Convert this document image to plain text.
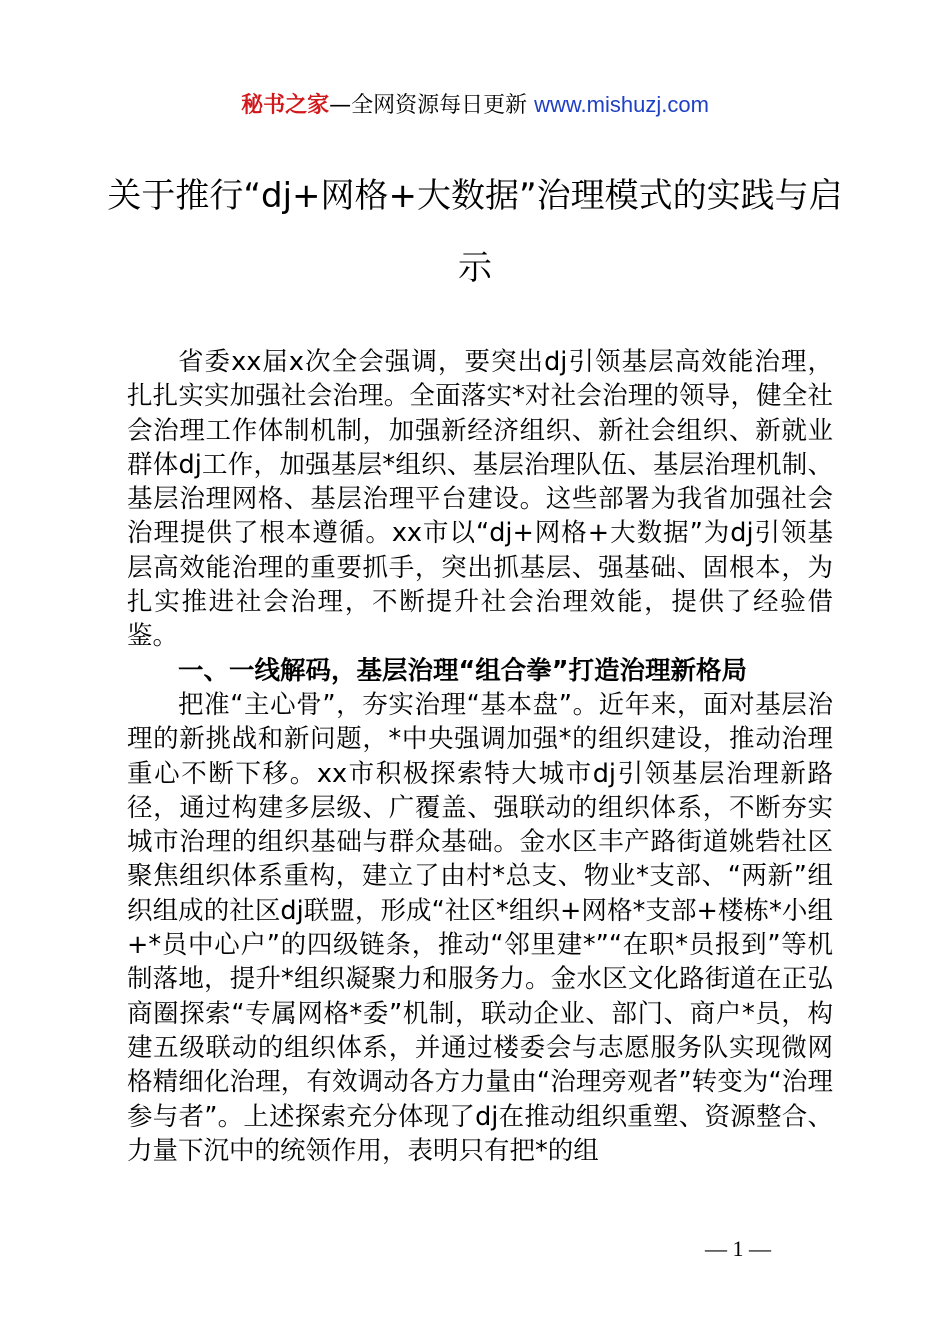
秘书之家—全网资源每日更新 www.mishuzj.com
关于推行“dj+网格+大数据”治理模式的实践与启示

省委xx届x次全会强调，要突出dj引领基层高效能治理，扎扎实实加强社会治理。全面落实*对社会治理的领导，健全社会治理工作体制机制，加强新经济组织、新社会组织、新就业群体dj工作，加强基层*组织、基层治理队伍、基层治理机制、基层治理网格、基层治理平台建设。这些部署为我省加强社会治理提供了根本遵循。xx市以“dj+网格+大数据”为dj引领基层高效能治理的重要抓手，突出抓基层、强基础、固根本，为扎实推进社会治理，不断提升社会治理效能，提供了经验借鉴。

一、一线解码，基层治理“组合拳”打造治理新格局

把准“主心骨”，夯实治理“基本盘”。近年来，面对基层治理的新挑战和新问题，*中央强调加强*的组织建设，推动治理重心不断下移。xx市积极探索特大城市dj引领基层治理新路径，通过构建多层级、广覆盖、强联动的组织体系，不断夯实城市治理的组织基础与群众基础。金水区丰产路街道姚砦社区聚焦组织体系重构，建立了由村*总支、物业*支部、“两新”组织组成的社区dj联盟，形成“社区*组织+网格*支部+楼栋*小组+*员中心户”的四级链条，推动“邻里建*”“在职*员报到”等机制落地，提升*组织凝聚力和服务力。金水区文化路街道在正弘商圈探索“专属网格*委”机制，联动企业、部门、商户*员，构建五级联动的组织体系，并通过楼委会与志愿服务队实现微网格精细化治理，有效调动各方力量由“治理旁观者”转变为“治理参与者”。上述探索充分体现了dj在推动组织重塑、资源整合、力量下沉中的统领作用，表明只有把*的组

— 1 —
